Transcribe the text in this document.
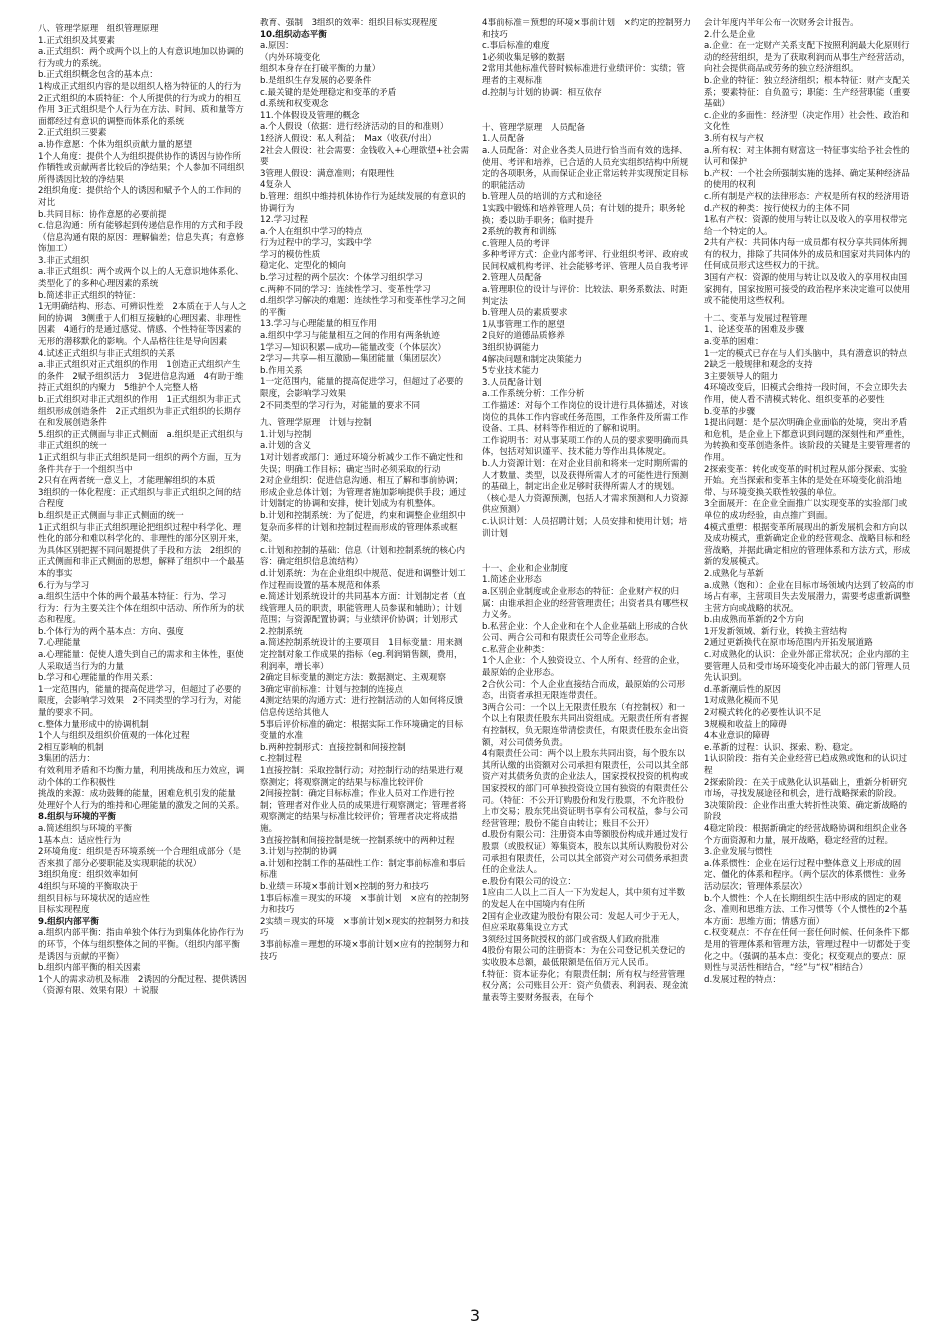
八、管理学原理　组织管理原理

1.正式组织及其要素

a.正式组织：两个或两个以上的人有意识地加以协调的行为或力的系统。

b.正式组织概念包含的基本点：

1构成正式组织内容的是以组织人格为特征的人的行为 2正式组织的本质特征：个人所提供的行为或力的相互作用 3正式组织是个人行为在方法、时间、质和量等方面都经过有意识的调整而体系化的系统

2.正式组织三要素

a.协作意愿：个体为组织贡献力量的愿望

1个人角度：提供个人为组织提供协作的诱因与协作所作牺牲或贡献两者比较后的净结果；个人参加不同组织所得诱因比较的净结果

2组织角度：提供给个人的诱因和赋予个人的工作间的对比

b.共同目标：协作意愿的必要前提

c.信息沟通：所有能够起到传递信息作用的方式和手段（信息沟通有限的原因：理解偏差；信息失真；有意修饰加工）

3.非正式组织

a.非正式组织：两个或两个以上的人无意识地体系化、类型化了的多种心理因素的系统

b.简述非正式组织的特征：

1无明确结构、形态、可辨识性差　2本质在于人与人之间的协调　3侧重于人们相互接触的心理因素、非理性因素　4通行的是通过感觉、情感、个性特征等因素的无形的潜移默化的影响。个人品格往往是导向因素

4.试述正式组织与非正式组织的关系

a.非正式组织对正式组织的作用　1创造正式组织产生的条件　2赋予组织活力　3促进信息沟通　4有助于维持正式组织的内聚力　5维护个人完整人格

b.正式组织对非正式组织的作用　1正式组织为非正式组织形成创造条件　2正式组织为非正式组织的长期存在和发展创造条件

5.组织的正式侧面与非正式侧面　a.组织是正式组织与非正式组织的统一

1正式组织与非正式组织是同一组织的两个方面，互为条件共存于一个组织当中

2只有在两者统一意义上，才能理解组织的本质

3组织的一体化程度：正式组织与非正式组织之间的结合程度

b.组织是正式侧面与非正式侧面的统一

1正式组织与非正式组织理论把组织过程中科学化、理性化的部分和难以科学化的、非理性的部分区别开来，为具体区别把握不同问题提供了手段和方法　2组织的正式侧面和非正式侧面的思想，解释了组织中一个最基本的事实

6.行为与学习

a.组织生活中个体的两个最基本特征：行为、学习

行为：行为主要关注个体在组织中活动、所作所为的状态和程度。

b.个体行为的两个基本点：方向、强度

7.心理能量

a.心理能量：促使人遗失到自己的需求和主体性，驱使人采取适当行为的力量

b.学习和心理能量的作用关系：

1一定范围内，能量的提高促进学习，但超过了必要的限度，会影响学习效果　2不同类型的学习行为，对能量的要求不同。

c.整体力量形成中的协调机制

1个人与组织及组织价值观的一体化过程

2相互影响的机制

3集团的活力：

有效利用矛盾和不均衡力量，利用挑战和压力效应，调动个体的工作积极性

挑战的来源：成功鼓舞的能量，困难危机引发的能量

处理好个人行为的维持和心理能量的激发之间的关系。

8.组织与环境的平衡

a.简述组织与环境的平衡

1基本点：适应性行为

2环境角度：组织是否环境系统一个合理组成部分（是否來损了部分必要职能及实现职能的状况）

3组织角度：组织效率如何

4组织与环境的平衡取决于

组织目标与环境状况的适应性

目标实现程度

9.组织内部平衡

a.组织内部平衡：指由单独个体行为到集体化协作行为的环节，个体与组织整体之间的平衡。（组织内部平衡是诱因与贡献的平衡）

b.组织内部平衡的相关因素

1个人的需求动机及标准　2诱因的分配过程、提供诱因（资源有限、效果有限）＋说服

教育、强制　3组织的效率：组织目标实现程度

10.组织动态平衡

a.原因：

（内外环境变化

组织本身存在打破平衡的力量）

b.是组织生存发展的必要条件

c.最关键的是处理稳定和变革的矛盾

d.系统和权变观念

11.个体假设及管理的概念

a.个人假设（依据：进行经济活动的目的和准则）

1经济人假设：私人利益；　Max（收获/付出）

2社会人假设：社会需要：金钱收入+心理欲望+社会需要

3管理人假设：满意准则；有限理性

4复杂人

b.管理：组织中维持机体协作行为延续发展的有意识的协调行为

12.学习过程

a.个人在组织中学习的特点

行为过程中的学习，实践中学

学习的模仿性质

稳定化、定型化的倾向

b.学习过程的两个层次：个体学习组织学习

c.两种不同的学习：连续性学习、变革性学习

d.组织学习解决的难题：连续性学习和变革性学习之间的平衡

13.学习与心理能量的相互作用

a.组织中学习与能量相互之间的作用有两条轨迹

1学习—知识积累—成功—能量改变（个体层次）

2学习—共享—相互激励—集团能量（集团层次）

b.作用关系

1一定范围内，能量的提高促进学习，但超过了必要的限度，会影响学习效果

2不同类型的学习行为，对能量的要求不同

九、管理学原理　计划与控制

1.计划与控制

a.计划的含义

1对计划者或部门：通过环境分析减少工作不确定性和失误；明确工作目标；确定当时必须采取的行动

2对企业组织：促进信息沟通、相互了解和事前协调；形成企业总体计划；为管理者施加影响提供手段；通过计划制定的协调和安排，使计划成为有机整体。

b.计划和控制系统：为了促进，约束和调整企业组织中复杂而多样的计划和控制过程而形成的管理体系或框架。

c.计划和控制的基础：信息（计划和控制系统的核心内容：确定组织信息流结构）

d.计划系统：为在企业组织中规范、促进和调整计划工作过程而设置的基本规范和体系

e.简述计划系统设计的共同基本方面：计划制定者（直线管理人员的职责，职能管理人员参谋和辅助）；计划范围；与资源配置协调；与业绩评价协调；计划形式

2.控制系统

a.简述控制系统设计的主要项目　1目标变量：用来测定控制对象工作成果的指标（eg.利润销售额，费用，利润率，增长率）

2确定目标变量的测定方法：数据测定、主观观察

3确定审前标准：计划与控制的连接点

4测定结果的沟通方式：进行控制活动的人如何将反馈信息传送给其他人

5事后评价标准的确定：根据实际工作环境确定的目标变量的水准

b.两种控制形式：直接控制和间接控制

c.控制过程

1直接控制：采取控制行动；对控制行动的结果进行观察测定；将观察测定的结果与标准比较评价

2间接控制：确定目标标准；作业人员对工作进行控制；管理者对作业人员的成果进行观察测定；管理者将观察测定的结果与标准比较评价；管理者决定将成措施。

3直接控制和间接控制是统一控制系统中的两种过程

3.计划与控制的协调

a.计划和控制工作的基础性工作：制定事前标准和事后标准

b.业绩＝环境×事前计划×控制的努力和技巧

1事后标准＝现实的环境　×事前计划　×应有的控制努力和技巧

2实绩＝现实的环境　×事前计划×现实的控制努力和技巧

3事前标准＝理想的环境×事前计划×应有的控制努力和技巧

4事前标准＝预想的环境×事前计划　×约定的控制努力和技巧

c.事后标准的难度

1必须收集足够的数据

2常用其他标准代替时候标准进行业绩评价：实绩；管理者的主观标准

d.控制与计划的协调：相互依存

十、管理学原理　人员配备

1.人员配备

a.人员配备：对企业各类人员进行恰当而有效的选择、使用、考评和培养，已合适的人员充实组织结构中所规定的各项职务，从而保证企业正常运转并实现预定目标的职能活动

b.管理人员的培训的方式和途径

1实践中锻炼和培养管理人员；有计划的提升；职务轮换；委以助手职务；临时提升

2系统的教育和训练

c.管理人员的考评

多种考评方式：企业内部考评、行业组织考评、政府或民间权威机构考评、社会能够考评、管理人员自我考评

2.管理人员配备

a.管理职位的设计与评价：比较法、职务系数法、时距判定法

b.管理人员的素质要求

1从事管理工作的愿望

2良好的道德品质修养

3组织协调能力

4解决问题和制定决策能力

5专业技术能力

3.人员配备计划

a.工作系统分析：工作分析

工作描述：对每个工作岗位的设计进行具体描述，对该岗位的具体工作内容或任务范围，工作条件及所需工作设备、工具、材料等作相近的了解和说明。

工作说明书：对从事某项工作的人员的要求要明确而具体，包括对知识谨平、技术能力等作出具体规定。

b.人力资源计划：在对企业目前和将来一定时期所需的人才数量、类型，以及获得所需人才的可能性进行预测的基础上，制定出企业足够时获得所需人才的规划。（核心是人力资源预测，包括人才需求预测和人力资源供应预测）

c.认识计划：人员招聘计划；人员安排和使用计划；培训计划

十一、企业和企业制度

1.简述企业形态

a.区别企业制度或企业形态的特征：企业财产权的归属：由谁承担企业的经营管理责任；出资者具有哪些权力义务。

b.私营企业：个人企业和在个人企业基础上形成的合伙公司、两合公司和有限责任公司等企业形态。

c.私营企业种类：

1个人企业：个人独资设立、个人所有、经营的企业，最原始的企业形态。

2合伙公司：个人企业直接结合而成，最原始的公司形态，出资者承担无限连带责任。

3两合公司：一个以上无限责任股东（有控制权）和一个以上有限责任股东共同出资组成。无限责任所有者握有控制权，负无限连带清偿责任，有限责任股东金出资额，对公司债务负责。

4有限责任公司：两个以上股东共同出资，每个股东以其所认缴的出资额对公司承担有限责任，公司以其全部资产对其债务负责的企业法人，国家授权投资的机构或国家授权的部门可单独投资设立国有独资的有限责任公司。（特征：不公开订购股份和发行股票，不允许股份上市交易；股东凭出资证明书享有公司权益，参与公司经营管理；股份不能自由转让；账目不公开）

d.股份有限公司：注册资本由等额股份构成并通过发行股票（或股权证）筹集资本，股东以其所认购股份对公司承担有限责任，公司以其全部资产对公司债务承担责任的企业法人。

e.股份有限公司的设立：

1应由二人以上二百人一下为发起人，其中须有过半数的发起人在中国境内有住所

2国有企业改建为股份有限公司：发起人可少于无人，但应采取募集设立方式

3须经过国务院授权的部门或省级人们政府批准

4股份有限公司的注册资本：为在公司登记机关登记的实收股本总额，最低限额是伍佰万元人民币。

f.特征：资本证券化；有限责任制；所有权与经营管理权分离；公司账目公开：资产负债表、利润表、现金流量表等主要财务报表，在每个

会计年度内半年公布一次财务会计报告。

2.什么是企业

a.企业：在一定财产关系支配下按照利润最大化原则行动的经营组织，是为了获取利润而从事生产经营活动，向社会提供商品或劳务的独立经济组织。

b.企业的特征：独立经济组织；根本特征：财产支配关系；要素特征：自负盈亏；职能：生产经营职能（重要基础）

c.企业的多面性：经济型（决定作用）社会性、政治和文化性

3.所有权与产权

a.所有权：对主体拥有财富这一特征事实给予社会性的认可和保护

b.产权：一个社会所强制实施的选择、确定某种经济品的使用的权利

c.所有制是产权的法律形态：产权是所有权的经济用语

d.产权的种类：按行使权力的主体不同

1私有产权：资源的使用与转让以及收入的享用权带完给一个特定的人。

2共有产权：共同体内每一成员都有权分享共同体所拥有的权力，排除了共同体外的成员和国家对共同体内的任何成员形式这些权力的干扰。

3国有产权：资源的使用与转让以及收入的享用权由国家拥有，国家按照可接受的政治程序来决定谁可以使用或不能使用这些权利。

十二、变革与发展过程管理

1、论述变革的困难及步骤

a.变革的困难：

1一定的模式已存在与人们头脑中，具有潜意识的特点

2缺乏一般规律和观念的支持

3主要领导人的阻力

4环境改变后，旧模式会维持一段时间，不会立即失去作用，使人看不清模式转化、组织变革的必要性

b.变革的步骤

1提出问题：是个层次明确企业面临的处境，突出矛盾和危机，是企业上下都意识到问题的深刻性和严重性，为转换和变革创造条件。该阶段的关键是主要管理者的作用。

2探索变革：转化或变革的时机过程从部分探索、实验开始。充当探索和变革主体的是处在环境变化前沿地带、与环境变换关联性较强的单位。

3全面展开：在企业全面推广以实现变革的实验部门或单位的成功经验，由点推广到面。

4模式重塑：根据变革所展现出的新发展机会和方向以及成功模式，重新确定企业的经营观念、战略目标和经营战略，并据此确定相应的管理体系和方法方式，形成新的发展模式。

2.成熟化与革新

a.成熟（饱和）：企业在目标市场领域内达到了较高的市场占有率，主营项目失去发展潜力，需要考虑重新调整主营方向或战略的状况。

b.由成熟而革新的2个方向

1开发新领域、新行业，转换主营结构

2通过更新换代在原市场范围内开拓发展道路

c.对成熟化的认识：企业外部正常状况；企业内部的主要管理人员和受市场环境变化冲击最大的部门管理人员先认识到。

d.革新潮后性的原因

1对成熟化模而不见

2对模式转化的必要性认识不足

3规模和收益上的障碍

4本业意识的障碍

e.革新的过程：认识、探索、粉、稳定。

1认识阶段：指有关企业经营已趋成熟或饱和的认识过程

2探索阶段：在关于成熟化认识基础上，重新分析研究市场，寻找发展途径和机会，进行战略探索的阶段。

3决策阶段：企业作出重大转折性决策、确定新战略的阶段

4稳定阶段：根据新确定的经营战略协调和组织企业各个方面资源和力量，展开战略，稳定经营的过程。

3.企业发展与惯性

a.体系惯性：企业在运行过程中整体意义上形成的固定、僵化的体系和程序。（两个层次的体系惯性：业务活动层次；管理体系层次）

b.个人惯性：个人在长期组织生活中形成的固定的观念、准则和思维方法、工作习惯等（个人惯性的2个基本方面：思维方面；情感方面）

c.权变观点：不存在任何一套任何时候、任何条件下都是用的管理体系和管理方法，管理过程中一切都处于变化之中。（强调的基本点：变化；权变观点的要点：原则性与灵活性相结合，“经”与“权”相结合）

d.发展过程的特点：

3
